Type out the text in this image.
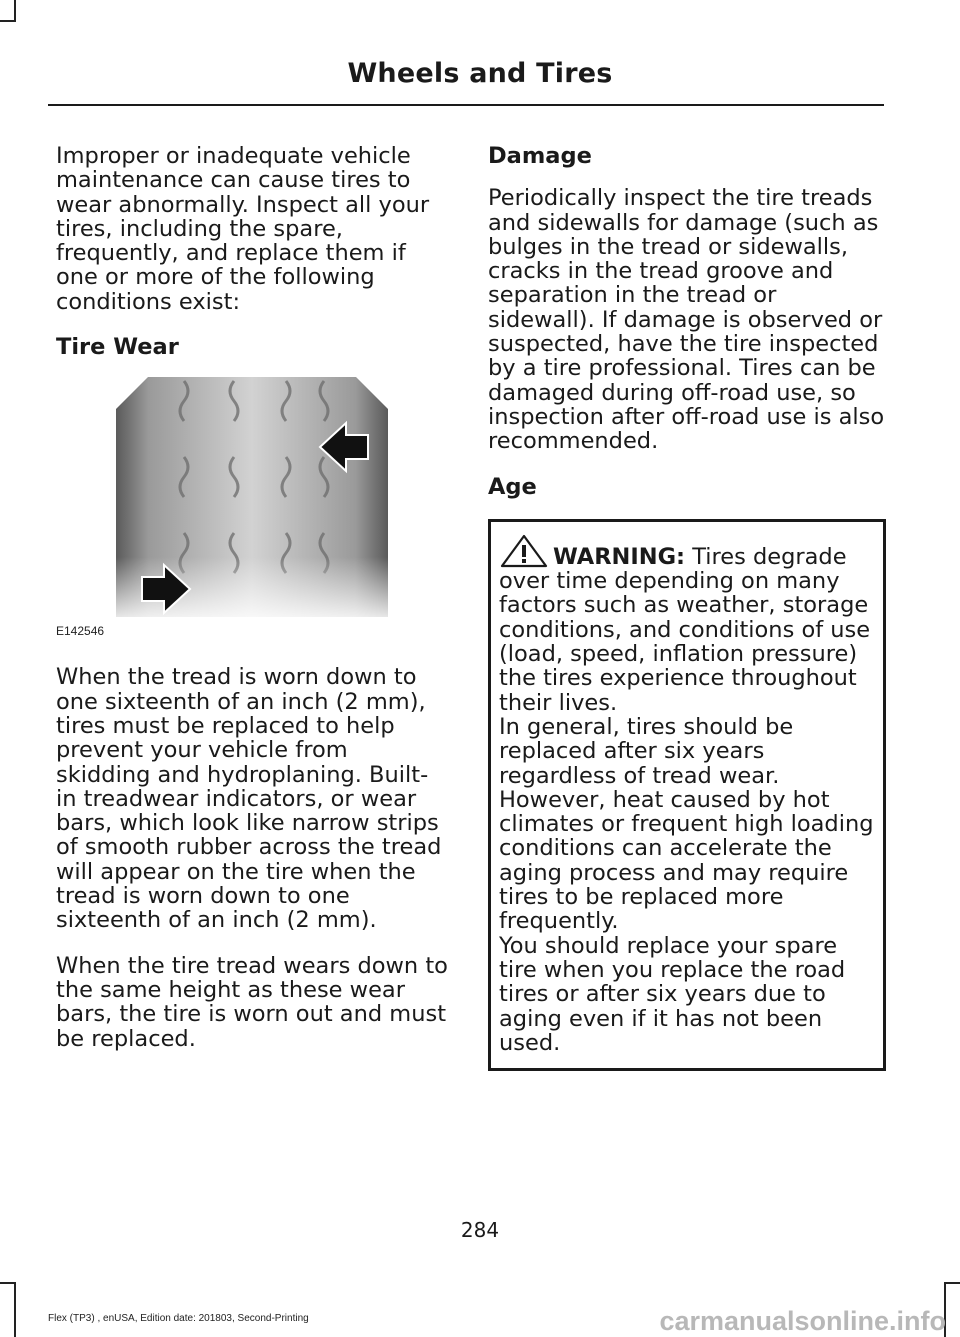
Wheels and Tires

Improper or inadequate vehicle maintenance can cause tires to wear abnormally. Inspect all your tires, including the spare, frequently, and replace them if one or more of the following conditions exist:

Tire Wear
E142546

When the tread is worn down to one sixteenth of an inch (2 mm), tires must be replaced to help prevent your vehicle from skidding and hydroplaning. Built-in treadwear indicators, or wear bars, which look like narrow strips of smooth rubber across the tread will appear on the tire when the tread is worn down to one sixteenth of an inch (2 mm).

When the tire tread wears down to the same height as these wear bars, the tire is worn out and must be replaced.

Damage

Periodically inspect the tire treads and sidewalls for damage (such as bulges in the tread or sidewalls, cracks in the tread groove and separation in the tread or sidewall). If damage is observed or suspected, have the tire inspected by a tire professional. Tires can be damaged during off-road use, so inspection after off-road use is also recommended.

Age

WARNING: Tires degrade over time depending on many factors such as weather, storage conditions, and conditions of use (load, speed, inflation pressure) the tires experience throughout their lives.

In general, tires should be replaced after six years regardless of tread wear. However, heat caused by hot climates or frequent high loading conditions can accelerate the aging process and may require tires to be replaced more frequently.

You should replace your spare tire when you replace the road tires or after six years due to aging even if it has not been used.

284
Flex (TP3) , enUSA, Edition date: 201803, Second-Printing	carmanualsonline.info
